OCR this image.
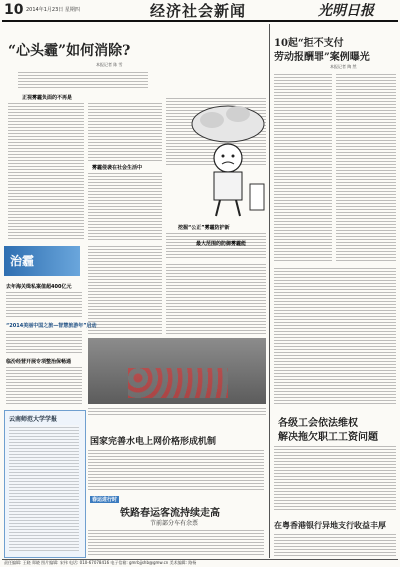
10 2014年1月23日 星期四	经济社会新闻	光明日报
“心头霾”如何消除?
本报记者 陈 雪
正视雾霾负面的不再是
雾霾侵袭在社会生活中
挖掘“公正”雾霾防护新
最大范围的防御雾霾能
治霾
去年海关缉私案值超400亿元
“2014美丽中国之旅—智慧旅游年”启动
临汾经营开展专项整治保畅通
国家完善水电上网价格形成机制
春运进行时
铁路春运客流持续走高
节前部分车有余票
云南师范大学学报
10起“拒不支付
劳动报酬罪”案例曝光
本报记者 陶 然
各级工会依法维权
解决拖欠职工工资问题
在粤香港银行异地支行收益丰厚
责任编辑: 王晓 郑晓 图片编辑: 宋伟 电话: 010-67078416 电子信箱: gmrbjjshb@gmw.cn 美术编辑: 路杨
